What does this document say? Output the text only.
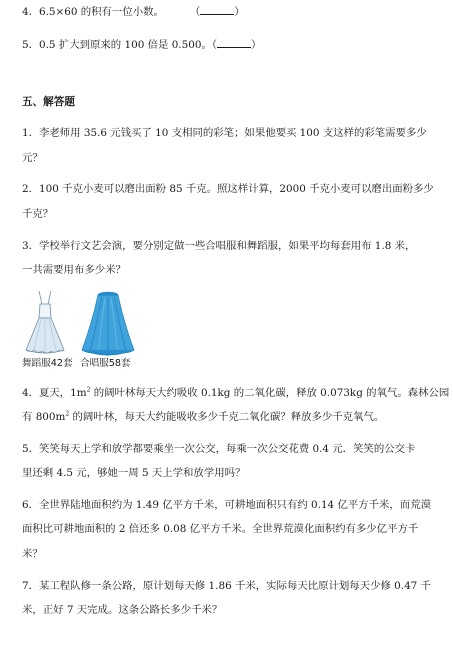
4．6.5×60 的积有一位小数。	（	）
5．0.5 扩大到原来的 100 倍是 0.500。（	）
五、解答题
1．李老师用 35.6 元钱买了 10 支相同的彩笔；如果他要买 100 支这样的彩笔需要多少
元？
2．100 千克小麦可以磨出面粉 85 千克。照这样计算，2000 千克小麦可以磨出面粉多少
千克？
3．学校举行文艺会演，要分别定做一些合唱服和舞蹈服，如果平均每套用布 1.8 米，
一共需要用布多少米？
舞蹈服42套 合唱服58套
4．夏天，$1m^2$ 的阔叶林每天大约吸收 0.1kg 的二氧化碳，释放 0.073kg 的氧气。森林公园
有 $800m^2$ 的阔叶林，每天大约能吸收多少千克二氧化碳？释放多少千克氧气。
5．笑笑每天上学和放学都要乘坐一次公交，每乘一次公交花费 0.4 元．笑笑的公交卡
里还剩 4.5 元，够她一周 5 天上学和放学用吗？
6．全世界陆地面积约为 1.49 亿平方千米，可耕地面积只有约 0.14 亿平方千米，而荒漠
面积比可耕地面积的 2 倍还多 0.08 亿平方千米。全世界荒漠化面积约有多少亿平方千
米？
7．某工程队修一条公路，原计划每天修 1.86 千米，实际每天比原计划每天少修 0.47 千
米，正好 7 天完成。这条公路长多少千米？
